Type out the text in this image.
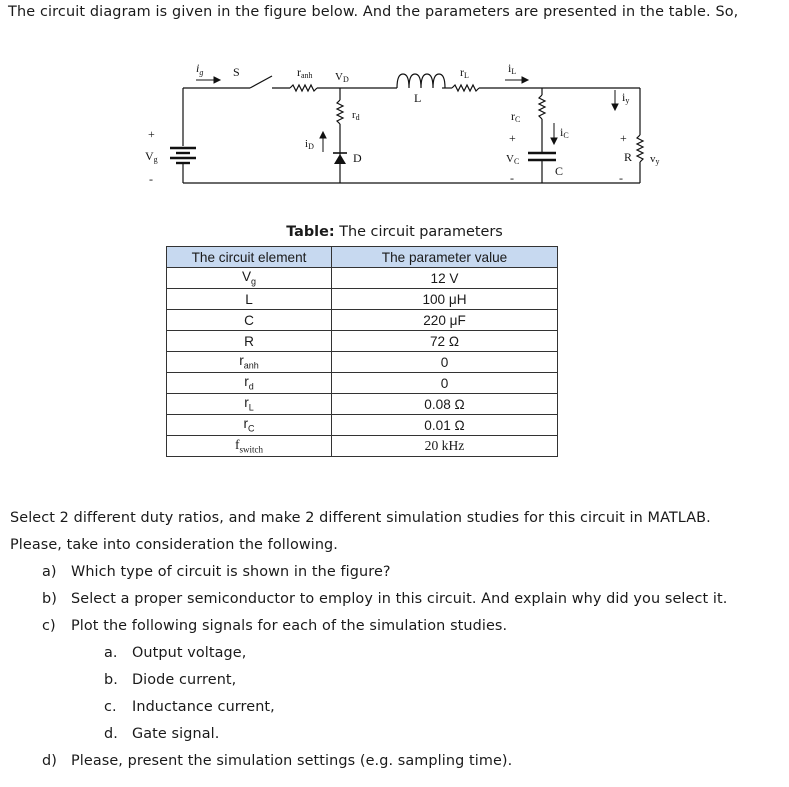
The circuit diagram is given in the figure below. And the parameters are presented in the table. So,
$i_g$ S	ranh VD
rd
iD
D
L
rL
iL
rC
iC
+
VC
-	C
iy
+
R vy
-
+
Vg
-
Table: The circuit parameters
The circuit element	The parameter value
$V_g$	12 V
L	100 μH
C	220 μF
R	72 Ω
$r_{anh}$	0
$r_d$	0
$r_L$	0.08 Ω
$r_C$	0.01 Ω
$f_{switch}$	20 kHz
Select 2 different duty ratios, and make 2 different simulation studies for this circuit in MATLAB.
Please, take into consideration the following.
a) Which type of circuit is shown in the figure?
b) Select a proper semiconductor to employ in this circuit. And explain why did you select it.
c) Plot the following signals for each of the simulation studies.
a. Output voltage,
b. Diode current,
c. Inductance current,
d. Gate signal.
d) Please, present the simulation settings (e.g. sampling time).
